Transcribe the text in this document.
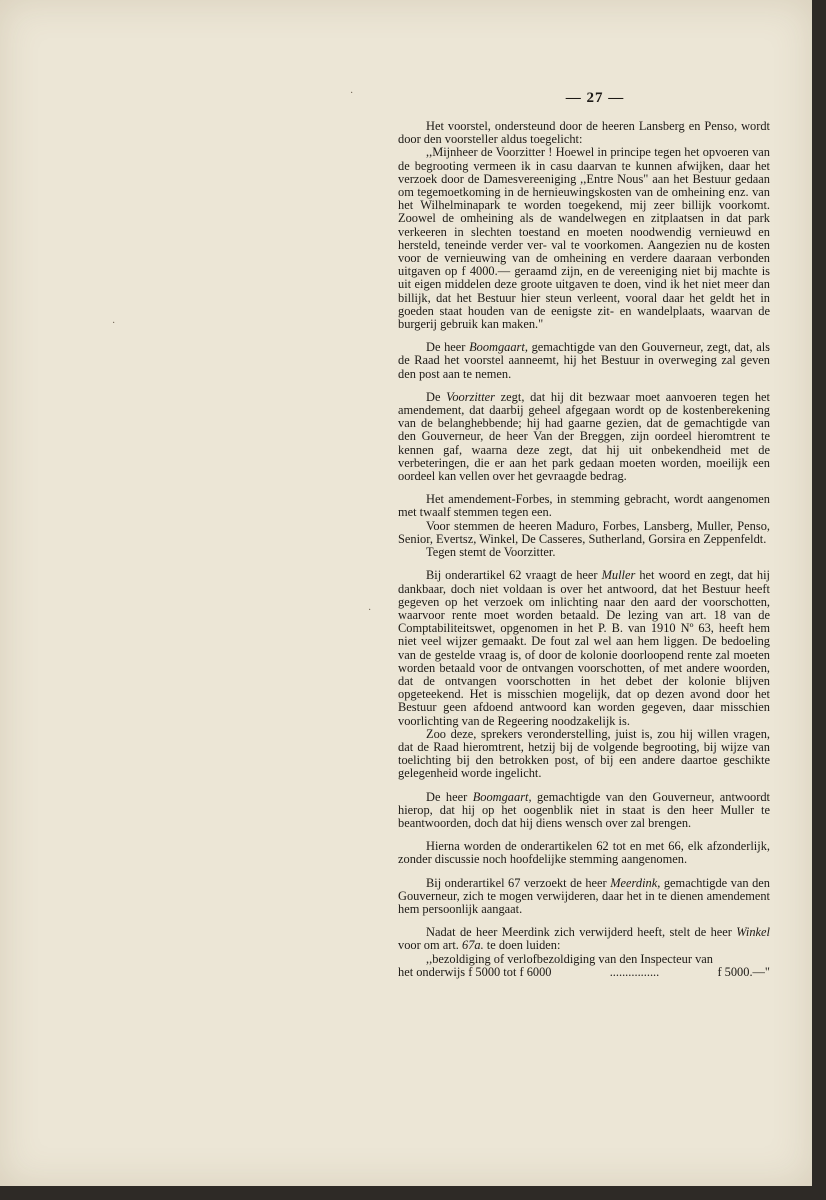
·
·
·
— 27 —

Het voorstel, ondersteund door de heeren Lansberg en Penso, wordt door den voorsteller aldus toegelicht:

,,Mijnheer de Voorzitter ! Hoewel in principe tegen het opvoeren van de begrooting vermeen ik in casu daarvan te kunnen afwijken, daar het verzoek door de Damesvereeniging ,,Entre Nous" aan het Bestuur gedaan om tegemoetkoming in de hernieuwingskosten van de omheining enz. van het Wilhelminapark te worden toegekend, mij zeer billijk voorkomt. Zoowel de omheining als de wandelwegen en zitplaatsen in dat park verkeeren in slechten toestand en moeten noodwendig vernieuwd en hersteld, teneinde verder ver- val te voorkomen. Aangezien nu de kosten voor de vernieuwing van de omheining en verdere daaraan verbonden uitgaven op f 4000.— geraamd zijn, en de vereeniging niet bij machte is uit eigen middelen deze groote uitgaven te doen, vind ik het niet meer dan billijk, dat het Bestuur hier steun verleent, vooral daar het geldt het in goeden staat houden van de eenigste zit- en wandelplaats, waarvan de burgerij gebruik kan maken."

De heer Boomgaart, gemachtigde van den Gouverneur, zegt, dat, als de Raad het voorstel aanneemt, hij het Bestuur in overweging zal geven den post aan te nemen.

De Voorzitter zegt, dat hij dit bezwaar moet aanvoeren tegen het amendement, dat daarbij geheel afgegaan wordt op de kostenberekening van de belanghebbende; hij had gaarne gezien, dat de gemachtigde van den Gouverneur, de heer Van der Breggen, zijn oordeel hieromtrent te kennen gaf, waarna deze zegt, dat hij uit onbekendheid met de verbeteringen, die er aan het park gedaan moeten worden, moeilijk een oordeel kan vellen over het gevraagde bedrag.

Het amendement-Forbes, in stemming gebracht, wordt aangenomen met twaalf stemmen tegen een.

Voor stemmen de heeren Maduro, Forbes, Lansberg, Muller, Penso, Senior, Evertsz, Winkel, De Casseres, Sutherland, Gorsira en Zeppenfeldt.

Tegen stemt de Voorzitter.

Bij onderartikel 62 vraagt de heer Muller het woord en zegt, dat hij dankbaar, doch niet voldaan is over het antwoord, dat het Bestuur heeft gegeven op het verzoek om inlichting naar den aard der voorschotten, waarvoor rente moet worden betaald. De lezing van art. 18 van de Comptabiliteitswet, opgenomen in het P. B. van 1910 Nº 63, heeft hem niet veel wijzer gemaakt. De fout zal wel aan hem liggen. De bedoeling van de gestelde vraag is, of door de kolonie doorloopend rente zal moeten worden betaald voor de ontvangen voorschotten, of met andere woorden, dat de ontvangen voorschotten in het debet der kolonie blijven opgeteekend. Het is misschien mogelijk, dat op dezen avond door het Bestuur geen afdoend antwoord kan worden gegeven, daar misschien voorlichting van de Regeering noodzakelijk is.

Zoo deze, sprekers veronderstelling, juist is, zou hij willen vragen, dat de Raad hieromtrent, hetzij bij de volgende begrooting, bij wijze van toelichting bij den betrokken post, of bij een andere daartoe geschikte gelegenheid worde ingelicht.

De heer Boomgaart, gemachtigde van den Gouverneur, antwoordt hierop, dat hij op het oogenblik niet in staat is den heer Muller te beantwoorden, doch dat hij diens wensch over zal brengen.

Hierna worden de onderartikelen 62 tot en met 66, elk afzonderlijk, zonder discussie noch hoofdelijke stemming aangenomen.

Bij onderartikel 67 verzoekt de heer Meerdink, gemachtigde van den Gouverneur, zich te mogen verwijderen, daar het in te dienen amendement hem persoonlijk aangaat.

Nadat de heer Meerdink zich verwijderd heeft, stelt de heer Winkel voor om art. 67a. te doen luiden:

,,bezoldiging of verlofbezoldiging van den Inspecteur van

het onderwijs f 5000 tot f 6000	................	f 5000.—"
